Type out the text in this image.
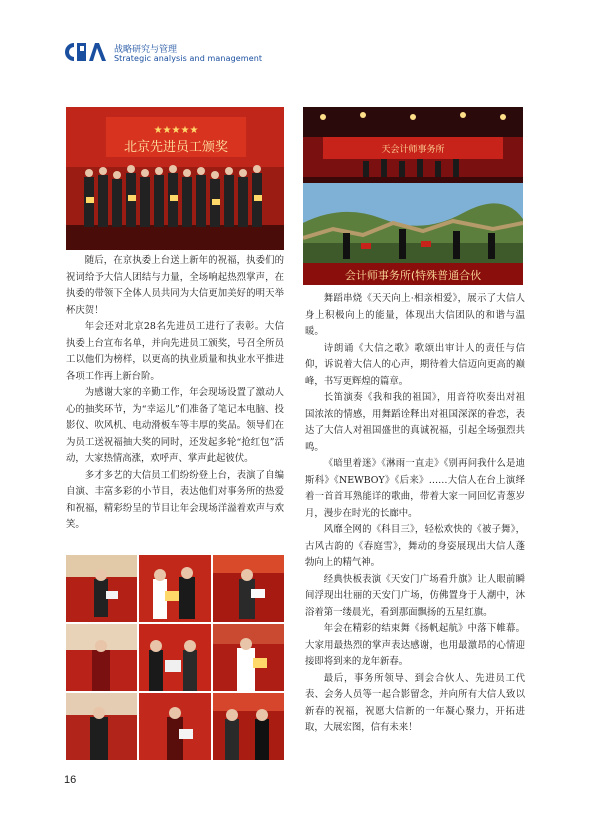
战略研究与管理
Strategic analysis and management
★★★★★
北京先进员工颁奖	天会计师事务所
会计师事务所(特殊普通合伙

随后，在京执委上台送上新年的祝福，执委们的祝词给予大信人团结与力量，全场响起热烈掌声，在执委的带领下全体人员共同为大信更加美好的明天举杯庆贺！

年会还对北京28名先进员工进行了表彰。大信执委上台宣布名单，并向先进员工颁奖，号召全所员工以他们为榜样，以更高的执业质量和执业水平推进各项工作再上新台阶。

为感谢大家的辛勤工作，年会现场设置了激动人心的抽奖环节，为“幸运儿”们准备了笔记本电脑、投影仪、吹风机、电动滑板车等丰厚的奖品。领导们在为员工送祝福抽大奖的同时，还发起多轮“抢红包”活动，大家热情高涨，欢呼声、掌声此起彼伏。

多才多艺的大信员工们纷纷登上台，表演了自编自演、丰富多彩的小节目，表达他们对事务所的热爱和祝福，精彩纷呈的节目让年会现场洋溢着欢声与欢笑。

舞蹈串烧《天天向上·相亲相爱》，展示了大信人身上积极向上的能量，体现出大信团队的和谐与温暖。

诗朗诵《大信之歌》歌颂出审计人的责任与信仰，诉说着大信人的心声，期待着大信迈向更高的巅峰，书写更辉煌的篇章。

长笛演奏《我和我的祖国》，用音符吹奏出对祖国浓浓的情感，用舞蹈诠释出对祖国深深的眷恋，表达了大信人对祖国盛世的真诚祝福，引起全场强烈共鸣。

《暗里着迷》《淋雨一直走》《别再问我什么是迪斯科》《NEWBOY》《后来》……大信人在台上演绎着一首首耳熟能详的歌曲，带着大家一同回忆青葱岁月，漫步在时光的长廊中。

风靡全网的《科目三》，轻松欢快的《被子舞》，古风古韵的《春庭雪》，舞动的身姿展现出大信人蓬勃向上的精气神。

经典快板表演《天安门广场看升旗》让人眼前瞬间浮现出壮丽的天安门广场，仿佛置身于人潮中，沐浴着第一缕晨光，看到那面飘扬的五星红旗。

年会在精彩的结束舞《扬帆起航》中落下帷幕。大家用最热烈的掌声表达感谢，也用最激昂的心情迎接即将到来的龙年新春。

最后，事务所领导、到会合伙人、先进员工代表、会务人员等一起合影留念，并向所有大信人致以新春的祝福，祝愿大信新的一年凝心聚力，开拓进取，大展宏图，信有未来！

16
